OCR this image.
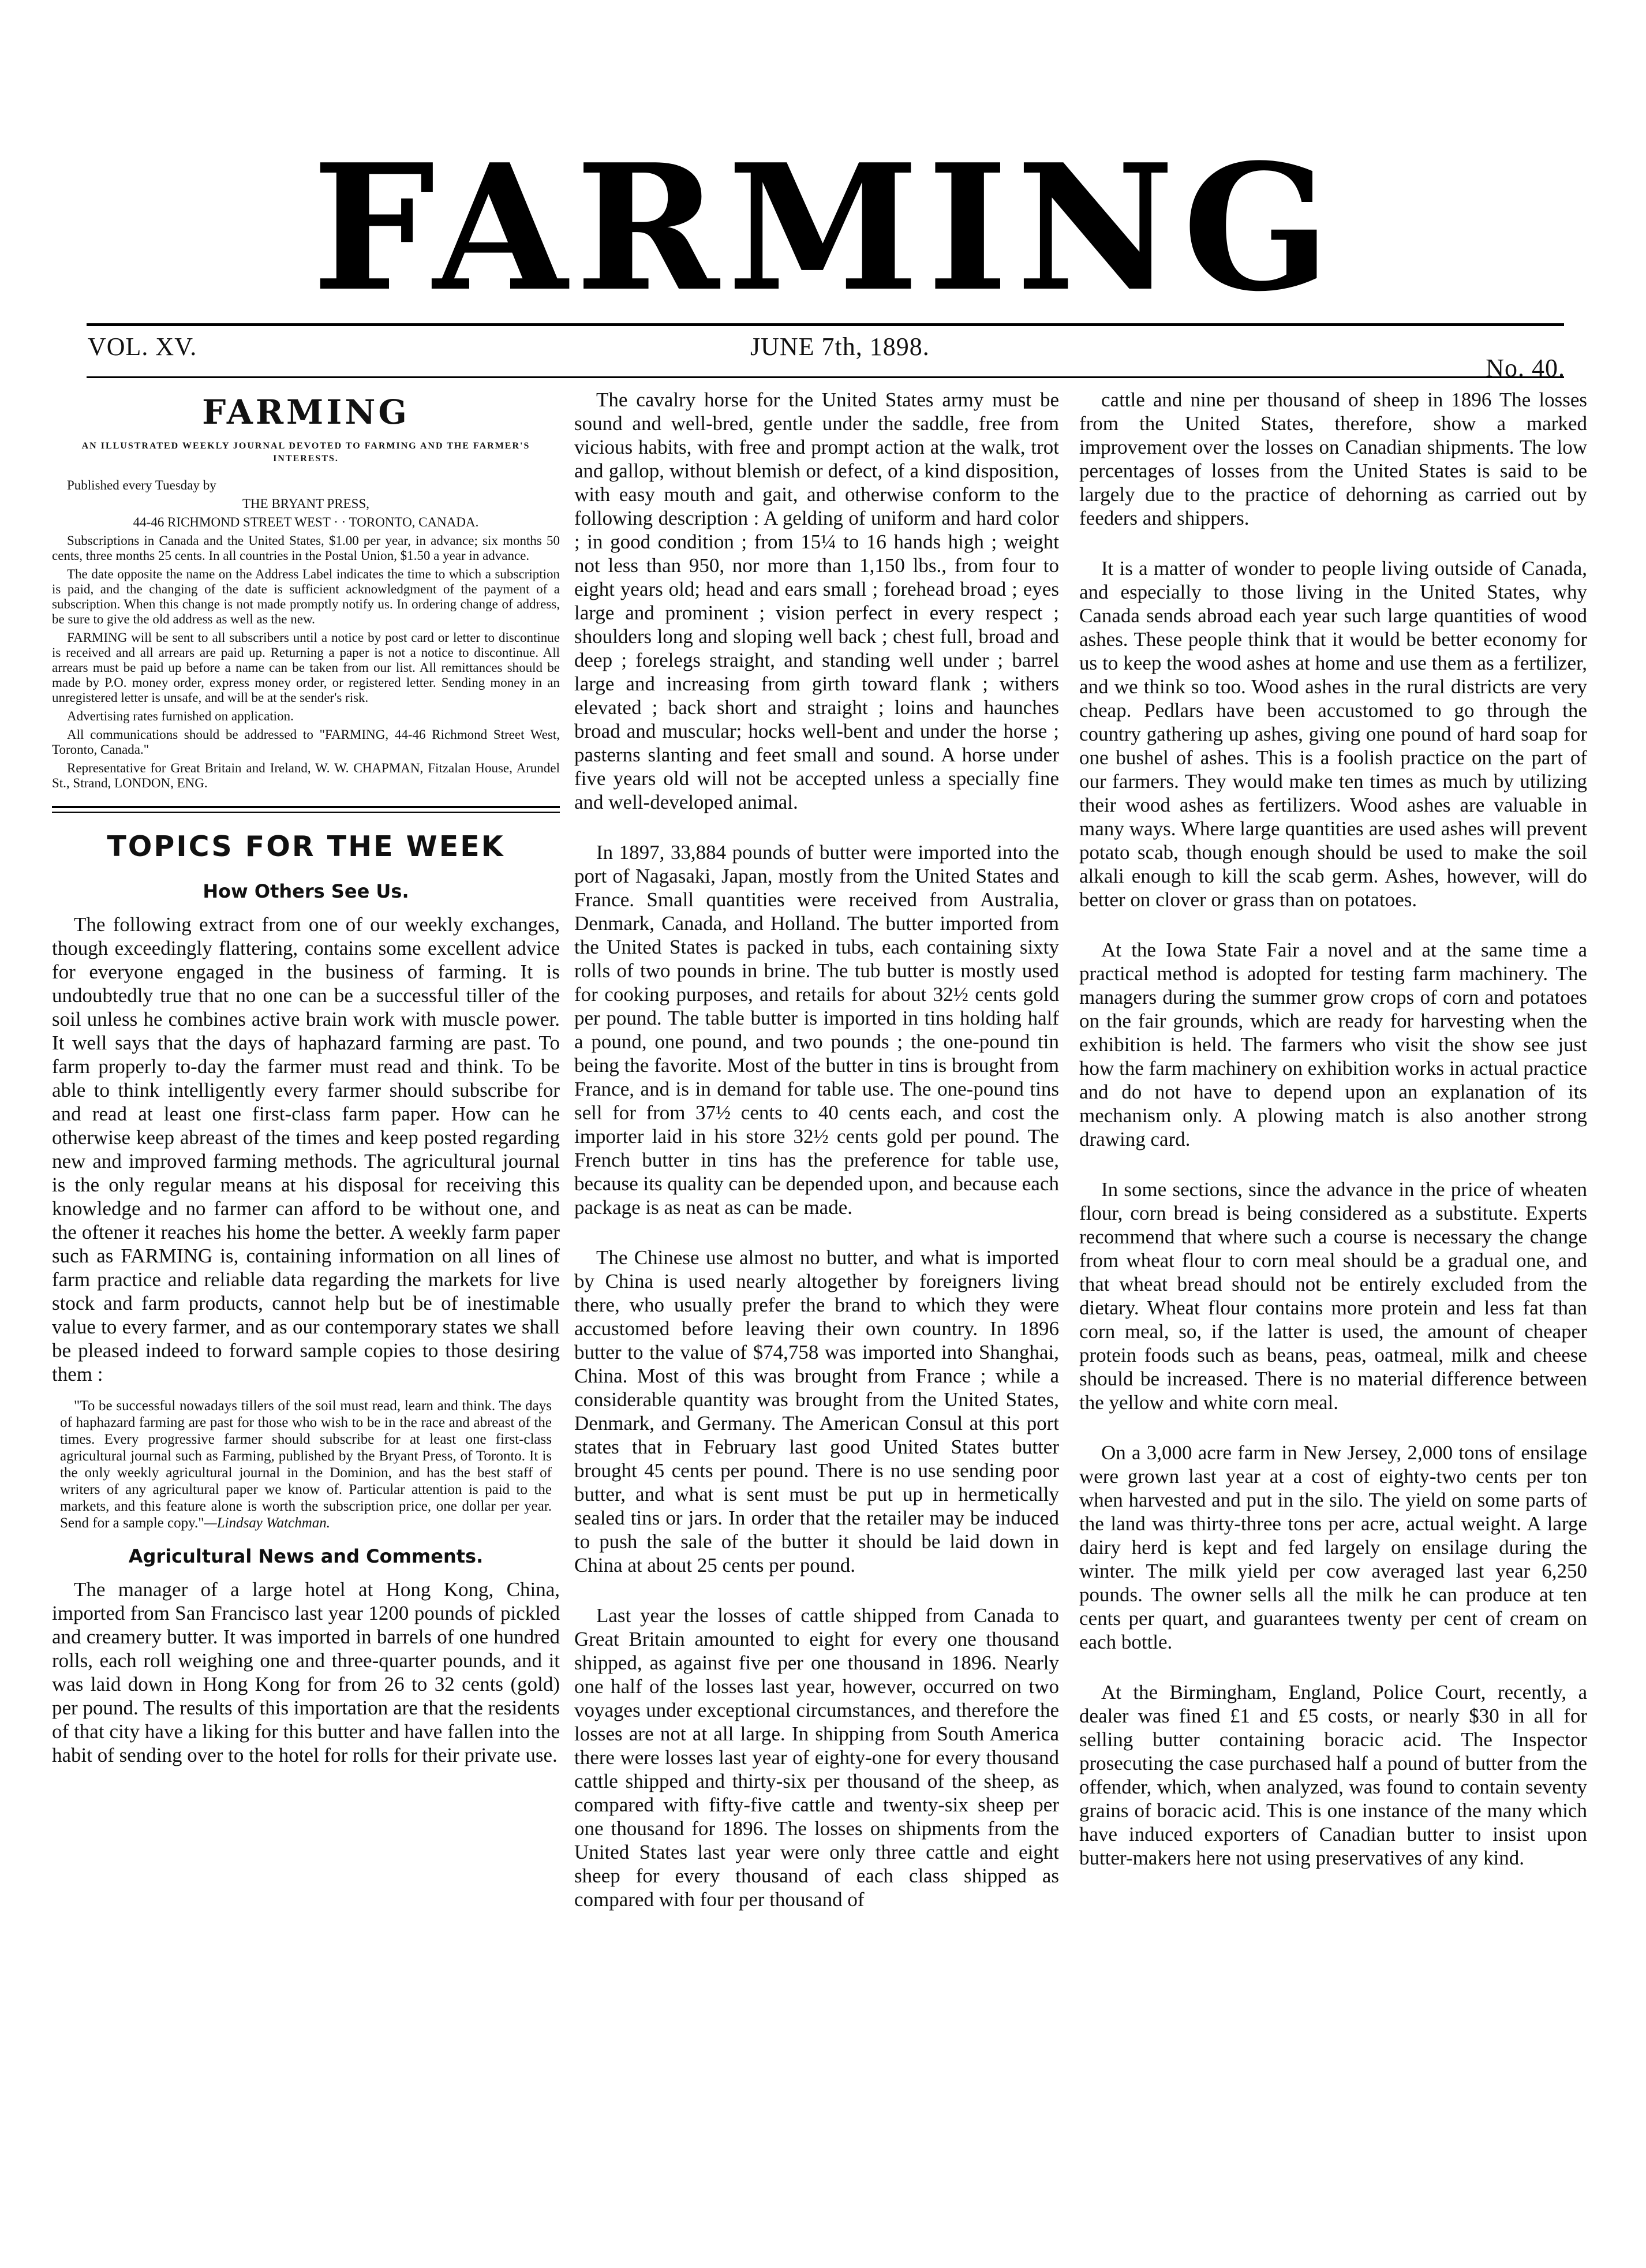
FARMING
VOL. XV.	JUNE 7th, 1898.
No. 40.
FARMING
AN ILLUSTRATED WEEKLY JOURNAL DEVOTED TO FARMING AND THE FARMER'S INTERESTS.

Published every Tuesday by

THE BRYANT PRESS,

44-46 RICHMOND STREET WEST · · TORONTO, CANADA.

Subscriptions in Canada and the United States, $1.00 per year, in advance; six months 50 cents, three months 25 cents. In all countries in the Postal Union, $1.50 a year in advance.

The date opposite the name on the Address Label indicates the time to which a subscription is paid, and the changing of the date is sufficient acknowledgment of the payment of a subscription. When this change is not made promptly notify us. In ordering change of address, be sure to give the old address as well as the new.

FARMING will be sent to all subscribers until a notice by post card or letter to discontinue is received and all arrears are paid up. Returning a paper is not a notice to discontinue. All arrears must be paid up before a name can be taken from our list. All remittances should be made by P.O. money order, express money order, or registered letter. Sending money in an unregistered letter is unsafe, and will be at the sender's risk.

Advertising rates furnished on application.

All communications should be addressed to "FARMING, 44-46 Richmond Street West, Toronto, Canada."

Representative for Great Britain and Ireland, W. W. CHAPMAN, Fitzalan House, Arundel St., Strand, LONDON, ENG.

TOPICS FOR THE WEEK
How Others See Us.

The following extract from one of our weekly exchanges, though exceedingly flattering, contains some excellent advice for everyone engaged in the business of farming. It is undoubtedly true that no one can be a successful tiller of the soil unless he combines active brain work with muscle power. It well says that the days of haphazard farming are past. To farm properly to-day the farmer must read and think. To be able to think intelligently every farmer should subscribe for and read at least one first-class farm paper. How can he otherwise keep abreast of the times and keep posted regarding new and improved farming methods. The agricultural journal is the only regular means at his disposal for receiving this knowledge and no farmer can afford to be without one, and the oftener it reaches his home the better. A weekly farm paper such as FARMING is, containing information on all lines of farm practice and reliable data regarding the markets for live stock and farm products, cannot help but be of inestimable value to every farmer, and as our contemporary states we shall be pleased indeed to forward sample copies to those desiring them :

"To be successful nowadays tillers of the soil must read, learn and think. The days of haphazard farming are past for those who wish to be in the race and abreast of the times. Every progressive farmer should subscribe for at least one first-class agricultural journal such as Farming, published by the Bryant Press, of Toronto. It is the only weekly agricultural journal in the Dominion, and has the best staff of writers of any agricultural paper we know of. Particular attention is paid to the markets, and this feature alone is worth the subscription price, one dollar per year. Send for a sample copy."—Lindsay Watchman.

Agricultural News and Comments.

The manager of a large hotel at Hong Kong, China, imported from San Francisco last year 1200 pounds of pickled and creamery butter. It was imported in barrels of one hundred rolls, each roll weighing one and three-quarter pounds, and it was laid down in Hong Kong for from 26 to 32 cents (gold) per pound. The results of this importation are that the residents of that city have a liking for this butter and have fallen into the habit of sending over to the hotel for rolls for their private use.

The cavalry horse for the United States army must be sound and well-bred, gentle under the saddle, free from vicious habits, with free and prompt action at the walk, trot and gallop, without blemish or defect, of a kind disposition, with easy mouth and gait, and otherwise conform to the following description : A gelding of uniform and hard color ; in good condition ; from 15¼ to 16 hands high ; weight not less than 950, nor more than 1,150 lbs., from four to eight years old; head and ears small ; forehead broad ; eyes large and prominent ; vision perfect in every respect ; shoulders long and sloping well back ; chest full, broad and deep ; forelegs straight, and standing well under ; barrel large and increasing from girth toward flank ; withers elevated ; back short and straight ; loins and haunches broad and muscular; hocks well-bent and under the horse ; pasterns slanting and feet small and sound. A horse under five years old will not be accepted unless a specially fine and well-developed animal.

In 1897, 33,884 pounds of butter were imported into the port of Nagasaki, Japan, mostly from the United States and France. Small quantities were received from Australia, Denmark, Canada, and Holland. The butter imported from the United States is packed in tubs, each containing sixty rolls of two pounds in brine. The tub butter is mostly used for cooking purposes, and retails for about 32½ cents gold per pound. The table butter is imported in tins holding half a pound, one pound, and two pounds ; the one-pound tin being the favorite. Most of the butter in tins is brought from France, and is in demand for table use. The one-pound tins sell for from 37½ cents to 40 cents each, and cost the importer laid in his store 32½ cents gold per pound. The French butter in tins has the preference for table use, because its quality can be depended upon, and because each package is as neat as can be made.

The Chinese use almost no butter, and what is imported by China is used nearly altogether by foreigners living there, who usually prefer the brand to which they were accustomed before leaving their own country. In 1896 butter to the value of $74,758 was imported into Shanghai, China. Most of this was brought from France ; while a considerable quantity was brought from the United States, Denmark, and Germany. The American Consul at this port states that in February last good United States butter brought 45 cents per pound. There is no use sending poor butter, and what is sent must be put up in hermetically sealed tins or jars. In order that the retailer may be induced to push the sale of the butter it should be laid down in China at about 25 cents per pound.

Last year the losses of cattle shipped from Canada to Great Britain amounted to eight for every one thousand shipped, as against five per one thousand in 1896. Nearly one half of the losses last year, however, occurred on two voyages under exceptional circumstances, and therefore the losses are not at all large. In shipping from South America there were losses last year of eighty-one for every thousand cattle shipped and thirty-six per thousand of the sheep, as compared with fifty-five cattle and twenty-six sheep per one thousand for 1896. The losses on shipments from the United States last year were only three cattle and eight sheep for every thousand of each class shipped as compared with four per thousand of

cattle and nine per thousand of sheep in 1896 The losses from the United States, therefore, show a marked improvement over the losses on Canadian shipments. The low percentages of losses from the United States is said to be largely due to the practice of dehorning as carried out by feeders and shippers.

It is a matter of wonder to people living outside of Canada, and especially to those living in the United States, why Canada sends abroad each year such large quantities of wood ashes. These people think that it would be better economy for us to keep the wood ashes at home and use them as a fertilizer, and we think so too. Wood ashes in the rural districts are very cheap. Pedlars have been accustomed to go through the country gathering up ashes, giving one pound of hard soap for one bushel of ashes. This is a foolish practice on the part of our farmers. They would make ten times as much by utilizing their wood ashes as fertilizers. Wood ashes are valuable in many ways. Where large quantities are used ashes will prevent potato scab, though enough should be used to make the soil alkali enough to kill the scab germ. Ashes, however, will do better on clover or grass than on potatoes.

At the Iowa State Fair a novel and at the same time a practical method is adopted for testing farm machinery. The managers during the summer grow crops of corn and potatoes on the fair grounds, which are ready for harvesting when the exhibition is held. The farmers who visit the show see just how the farm machinery on exhibition works in actual practice and do not have to depend upon an explanation of its mechanism only. A plowing match is also another strong drawing card.

In some sections, since the advance in the price of wheaten flour, corn bread is being considered as a substitute. Experts recommend that where such a course is necessary the change from wheat flour to corn meal should be a gradual one, and that wheat bread should not be entirely excluded from the dietary. Wheat flour contains more protein and less fat than corn meal, so, if the latter is used, the amount of cheaper protein foods such as beans, peas, oatmeal, milk and cheese should be increased. There is no material difference between the yellow and white corn meal.

On a 3,000 acre farm in New Jersey, 2,000 tons of ensilage were grown last year at a cost of eighty-two cents per ton when harvested and put in the silo. The yield on some parts of the land was thirty-three tons per acre, actual weight. A large dairy herd is kept and fed largely on ensilage during the winter. The milk yield per cow averaged last year 6,250 pounds. The owner sells all the milk he can produce at ten cents per quart, and guarantees twenty per cent of cream on each bottle.

At the Birmingham, England, Police Court, recently, a dealer was fined £1 and £5 costs, or nearly $30 in all for selling butter containing boracic acid. The Inspector prosecuting the case purchased half a pound of butter from the offender, which, when analyzed, was found to contain seventy grains of boracic acid. This is one instance of the many which have induced exporters of Canadian butter to insist upon butter-makers here not using preservatives of any kind.
